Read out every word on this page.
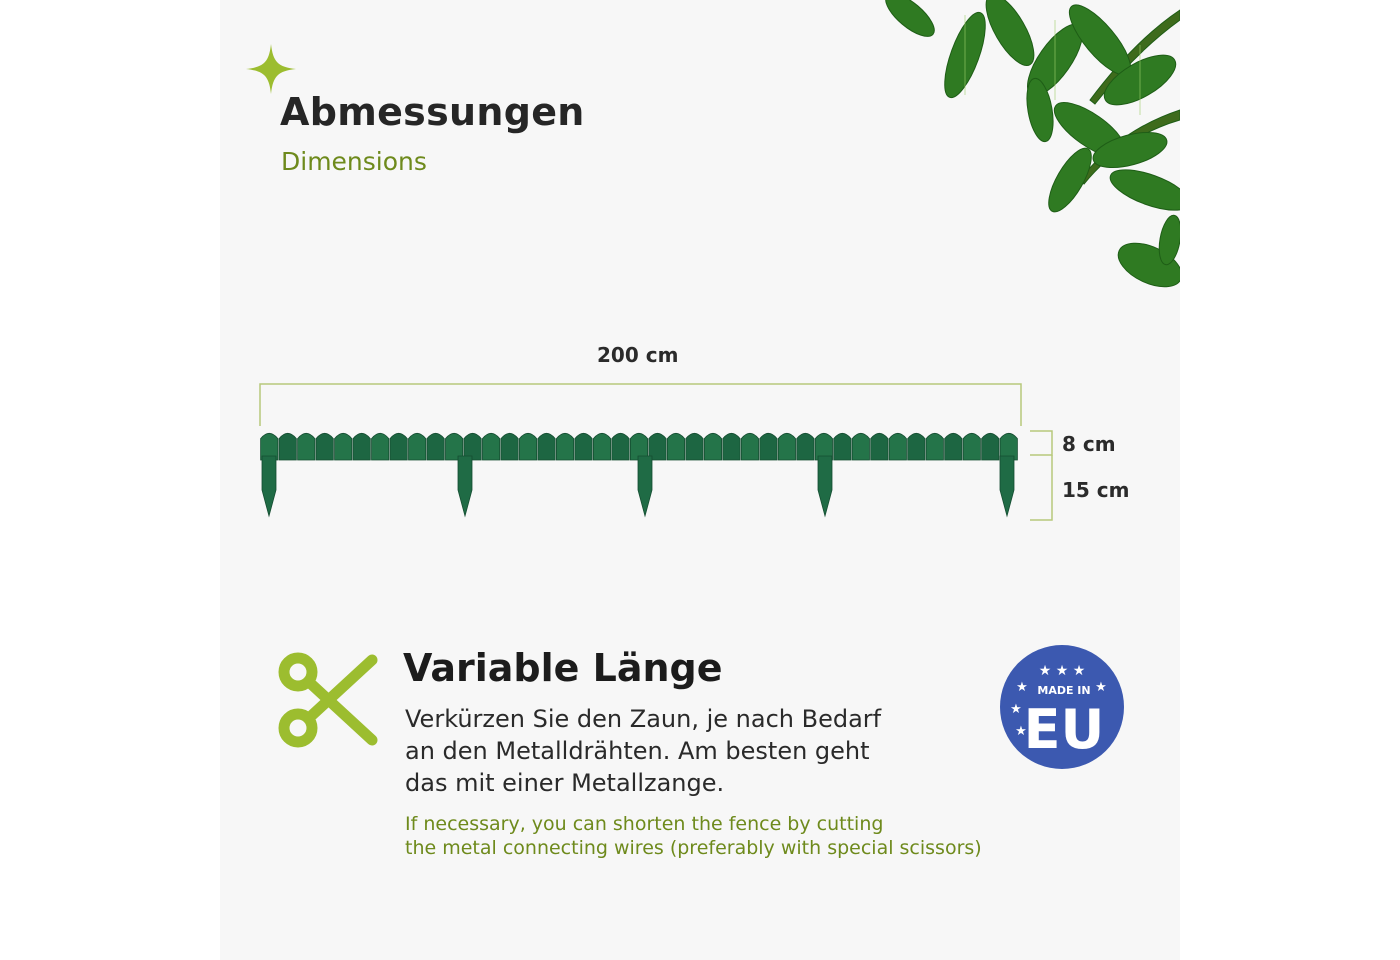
Abmessungen
Dimensions
200 cm
8 cm
15 cm
Variable Länge
Verkürzen Sie den Zaun, je nach Bedarf
an den Metalldrähten. Am besten geht
das mit einer Metallzange.
If necessary, you can shorten the fence by cutting
the metal connecting wires (preferably with special scissors)
★ ★ ★
★	★
★
★
MADE IN
EU
